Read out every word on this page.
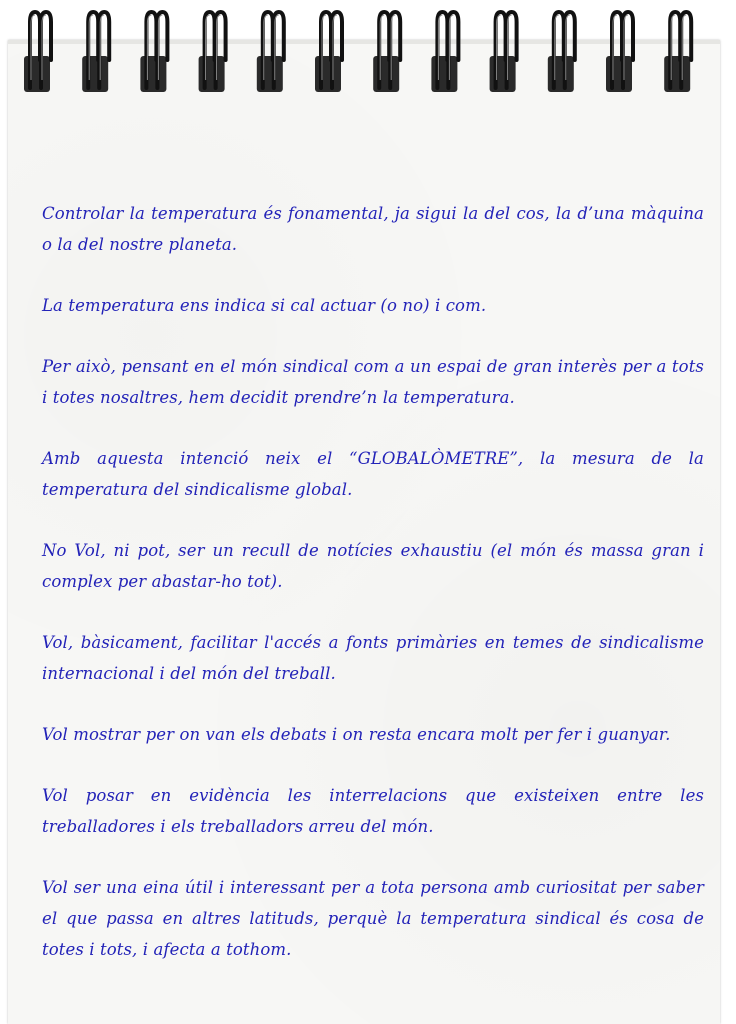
Controlar la temperatura és fonamental, ja sigui la del cos, la d’una màquina o la del nostre planeta.

La temperatura ens indica si cal actuar (o no) i com.

Per això, pensant en el món sindical com a un espai de gran interès per a tots i totes nosaltres, hem decidit prendre’n la temperatura.

Amb aquesta intenció neix el “GLOBALÒMETRE”, la mesura de la temperatura del sindicalisme global.

No Vol, ni pot, ser un recull de notícies exhaustiu (el món és massa gran i complex per abastar-ho tot).

Vol, bàsicament, facilitar l'accés a fonts primàries en temes de sindicalisme internacional i del món del treball.

Vol mostrar per on van els debats i on resta encara molt per fer i guanyar.

Vol posar en evidència les interrelacions que existeixen entre les treballadores i els treballadors arreu del món.

Vol ser una eina útil i interessant per a tota persona amb curiositat per saber el que passa en altres latituds, perquè la temperatura sindical és cosa de totes i tots, i afecta a tothom.
